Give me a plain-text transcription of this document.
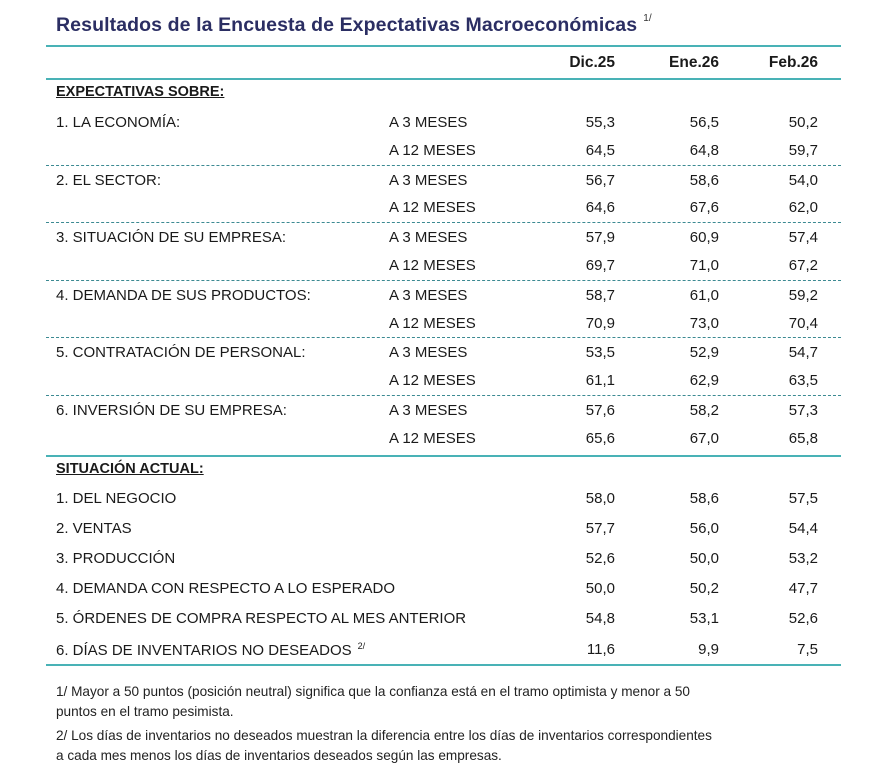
Resultados de la Encuesta de Expectativas Macroeconómicas $^{1/}$
Dic.25	Ene.26	Feb.26
EXPECTATIVAS SOBRE:
1. LA ECONOMÍA:	A 3 MESES	55,3	56,5	50,2
A 12 MESES	64,5	64,8	59,7
2. EL SECTOR:	A 3 MESES	56,7	58,6	54,0
A 12 MESES	64,6	67,6	62,0
3. SITUACIÓN DE SU EMPRESA:	A 3 MESES	57,9	60,9	57,4
A 12 MESES	69,7	71,0	67,2
4. DEMANDA DE SUS PRODUCTOS:	A 3 MESES	58,7	61,0	59,2
A 12 MESES	70,9	73,0	70,4
5. CONTRATACIÓN DE PERSONAL:	A 3 MESES	53,5	52,9	54,7
A 12 MESES	61,1	62,9	63,5
6. INVERSIÓN DE SU EMPRESA:	A 3 MESES	57,6	58,2	57,3
A 12 MESES	65,6	67,0	65,8
SITUACIÓN ACTUAL:
1. DEL NEGOCIO	58,0	58,6	57,5
2. VENTAS	57,7	56,0	54,4
3. PRODUCCIÓN	52,6	50,0	53,2
4. DEMANDA CON RESPECTO A LO ESPERADO	50,0	50,2	47,7
5. ÓRDENES DE COMPRA RESPECTO AL MES ANTERIOR	54,8	53,1	52,6
6. DÍAS DE INVENTARIOS NO DESEADOS $^{2/}$	11,6	9,9	7,5
1/ Mayor a 50 puntos (posición neutral) significa que la confianza está en el tramo optimista y menor a 50
puntos en el tramo pesimista.
2/ Los días de inventarios no deseados muestran la diferencia entre los días de inventarios correspondientes
a cada mes menos los días de inventarios deseados según las empresas.
